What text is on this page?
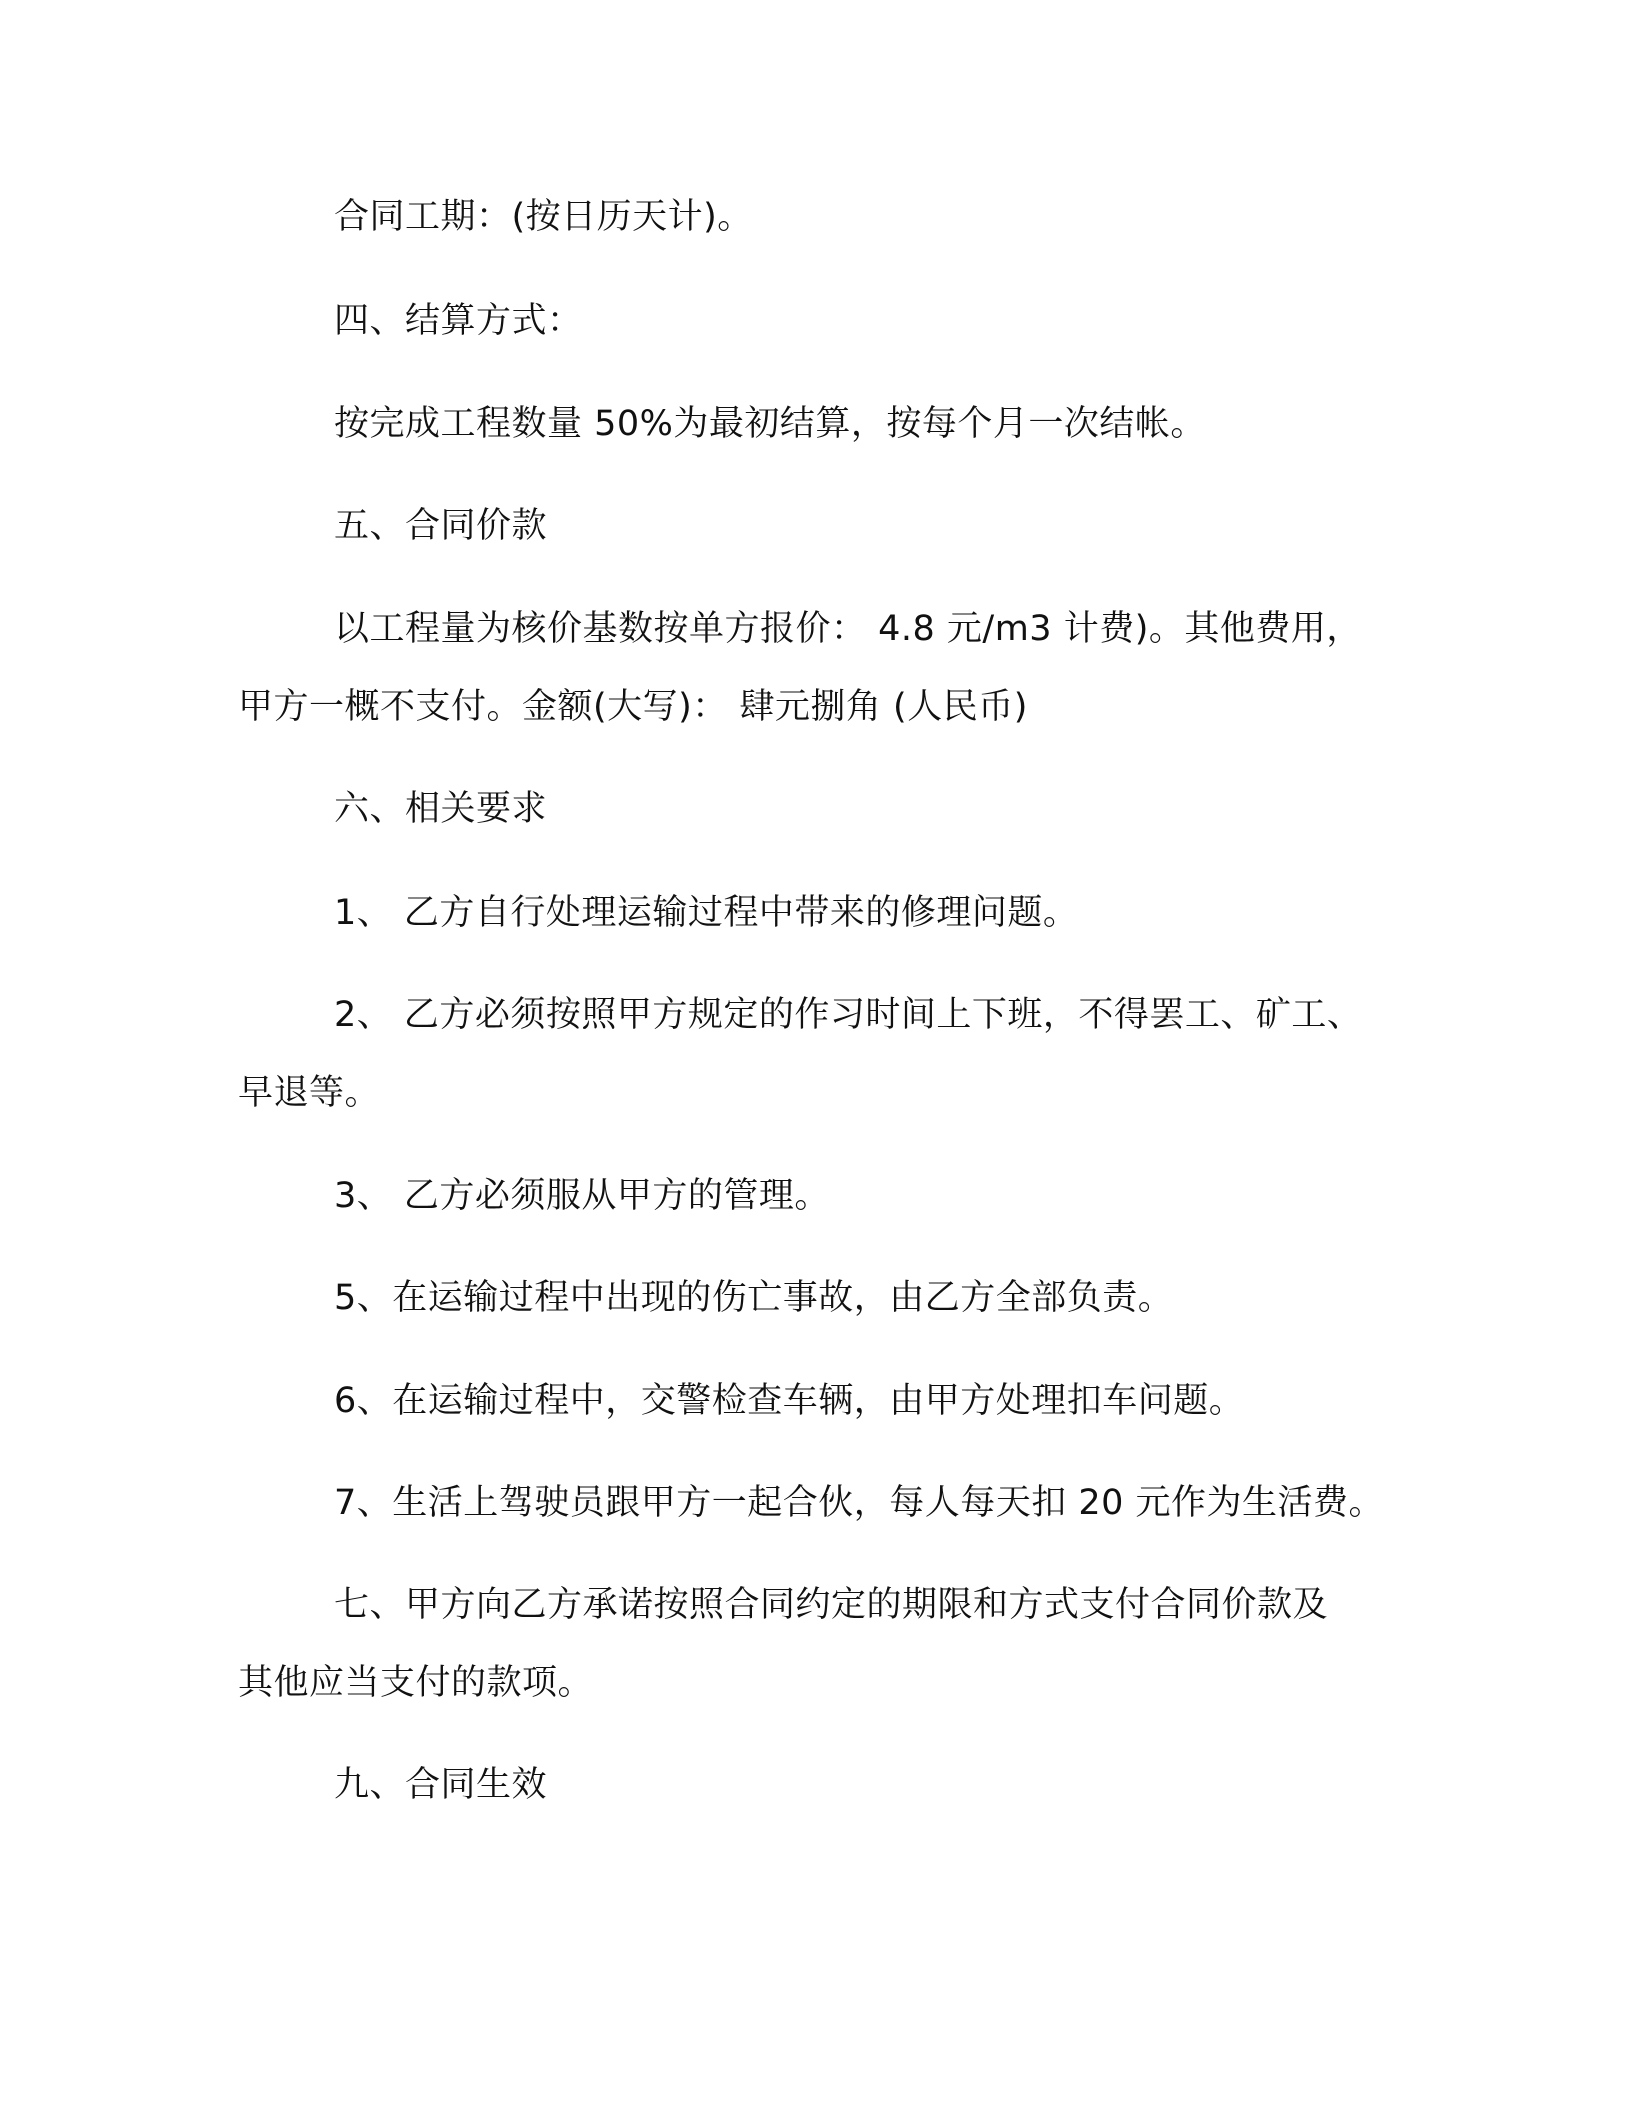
合同工期：(按日历天计)。
四、结算方式：
按完成工程数量 50%为最初结算，按每个月一次结帐。
五、合同价款
以工程量为核价基数按单方报价： 4.8 元/m3 计费)。其他费用，
甲方一概不支付。金额(大写)： 肆元捌角 (人民币)
六、相关要求
1、 乙方自行处理运输过程中带来的修理问题。
2、 乙方必须按照甲方规定的作习时间上下班，不得罢工、矿工、
早退等。
3、 乙方必须服从甲方的管理。
5、在运输过程中出现的伤亡事故，由乙方全部负责。
6、在运输过程中，交警检查车辆，由甲方处理扣车问题。
7、生活上驾驶员跟甲方一起合伙，每人每天扣 20 元作为生活费。
七、甲方向乙方承诺按照合同约定的期限和方式支付合同价款及
其他应当支付的款项。
九、合同生效
